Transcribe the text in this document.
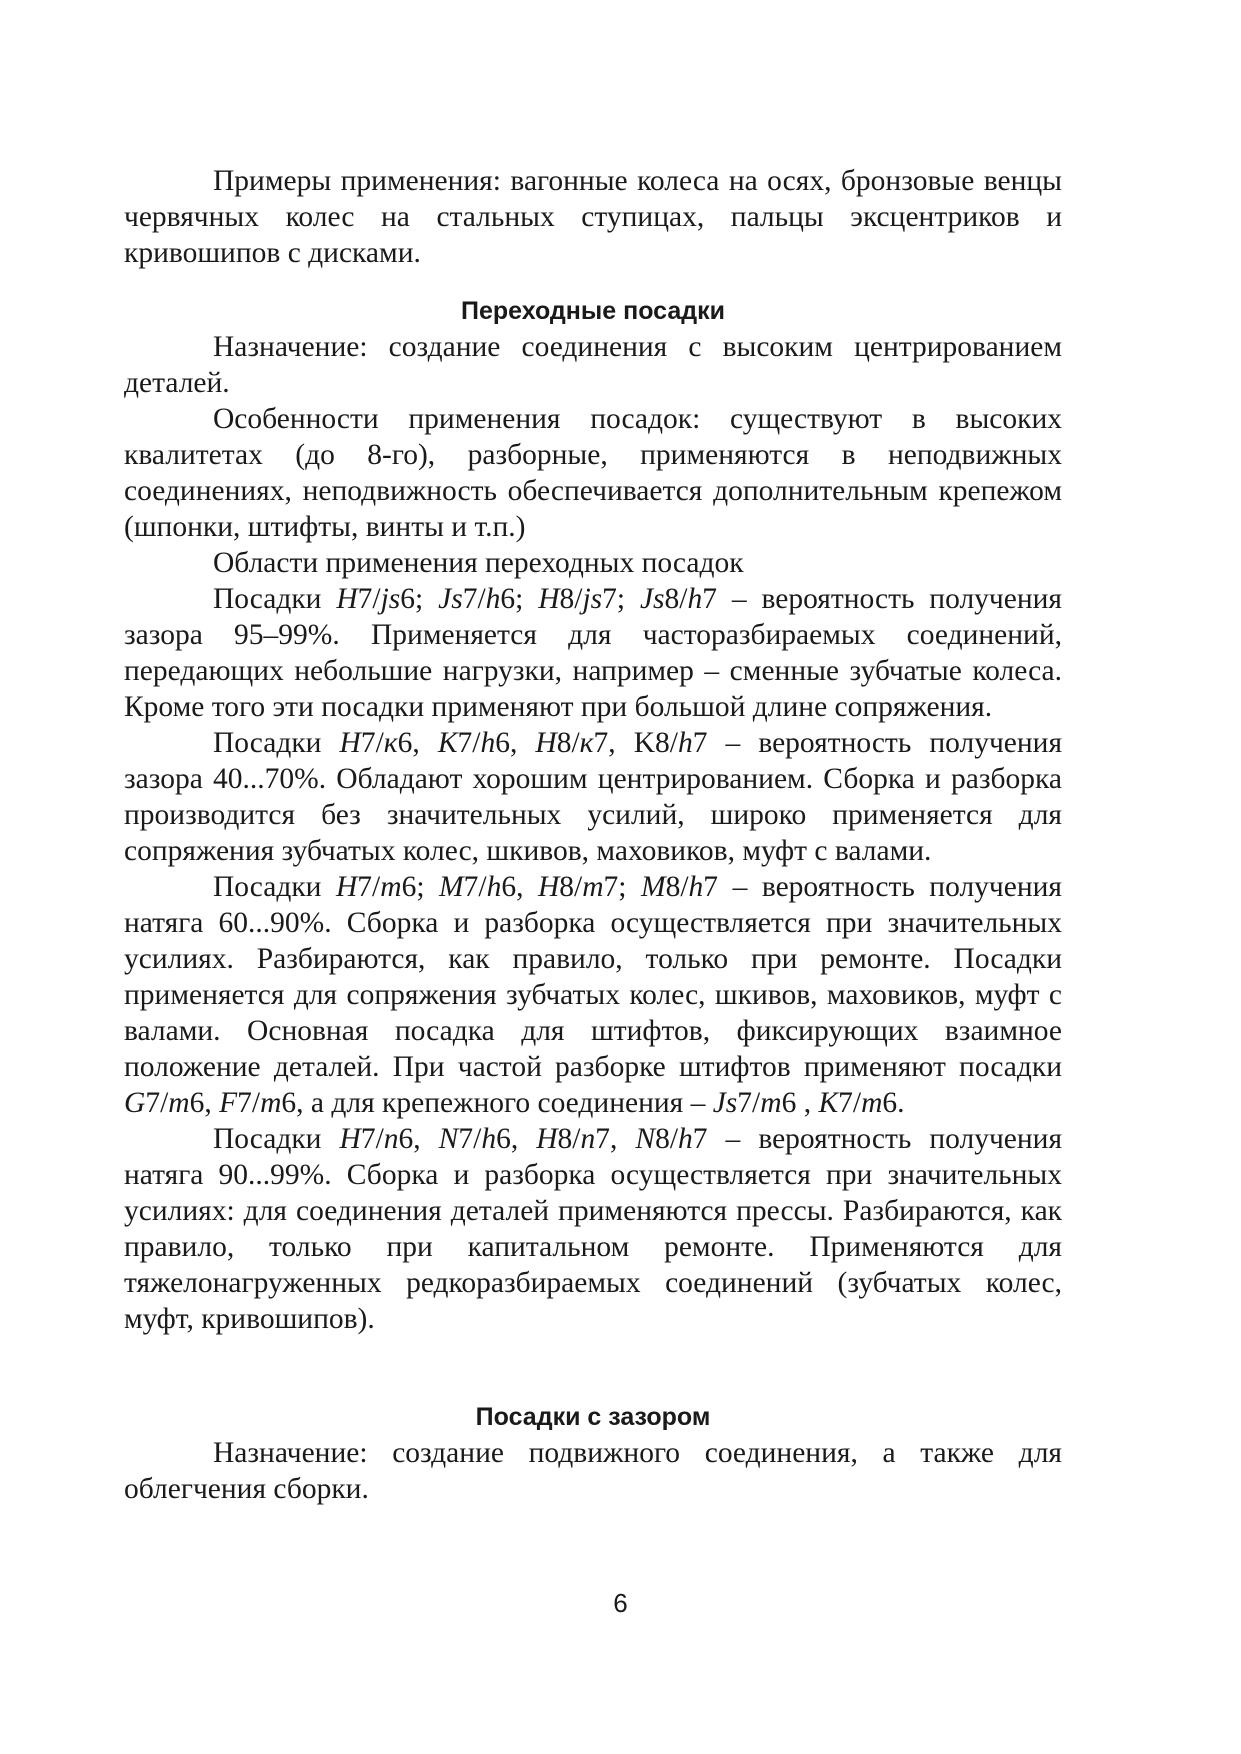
Примеры применения: вагонные колеса на осях, бронзовые венцы червячных колес на стальных ступицах, пальцы эксцентриков и кривошипов с дисками.

Переходные посадки

Назначение: создание соединения с высоким центрированием деталей.

Особенности применения посадок: существуют в высоких квалитетах (до 8-го), разборные, применяются в неподвижных соединениях, неподвижность обеспечивается дополнительным крепежом (шпонки, штифты, винты и т.п.)

Области применения переходных посадок

Посадки H7/js6; Js7/h6; H8/js7; Js8/h7 – вероятность получения зазора 95–99%. Применяется для часторазбираемых соединений, передающих небольшие нагрузки, например – сменные зубчатые колеса. Кроме того эти посадки применяют при большой длине сопряжения.

Посадки H7/к6, K7/h6, H8/к7, K8/h7 – вероятность получения зазора 40...70%. Обладают хорошим центрированием. Сборка и разборка производится без значительных усилий, широко применяется для сопряжения зубчатых колес, шкивов, маховиков, муфт с валами.

Посадки H7/m6; M7/h6, H8/m7; M8/h7 – вероятность получения натяга 60...90%. Сборка и разборка осуществляется при значительных усилиях. Разбираются, как правило, только при ремонте. Посадки применяется для сопряжения зубчатых колес, шкивов, маховиков, муфт с валами. Основная посадка для штифтов, фиксирующих взаимное положение деталей. При частой разборке штифтов применяют посадки G7/m6, F7/m6, а для крепежного соединения – Js7/m6 , K7/m6.

Посадки H7/n6, N7/h6, H8/n7, N8/h7 – вероятность получения натяга 90...99%. Сборка и разборка осуществляется при значительных усилиях: для соединения деталей применяются прессы. Разбираются, как правило, только при капитальном ремонте. Применяются для тяжелонагруженных редкоразбираемых соединений (зубчатых колес, муфт, кривошипов).

Посадки с зазором

Назначение: создание подвижного соединения, а также для облегчения сборки.

6
